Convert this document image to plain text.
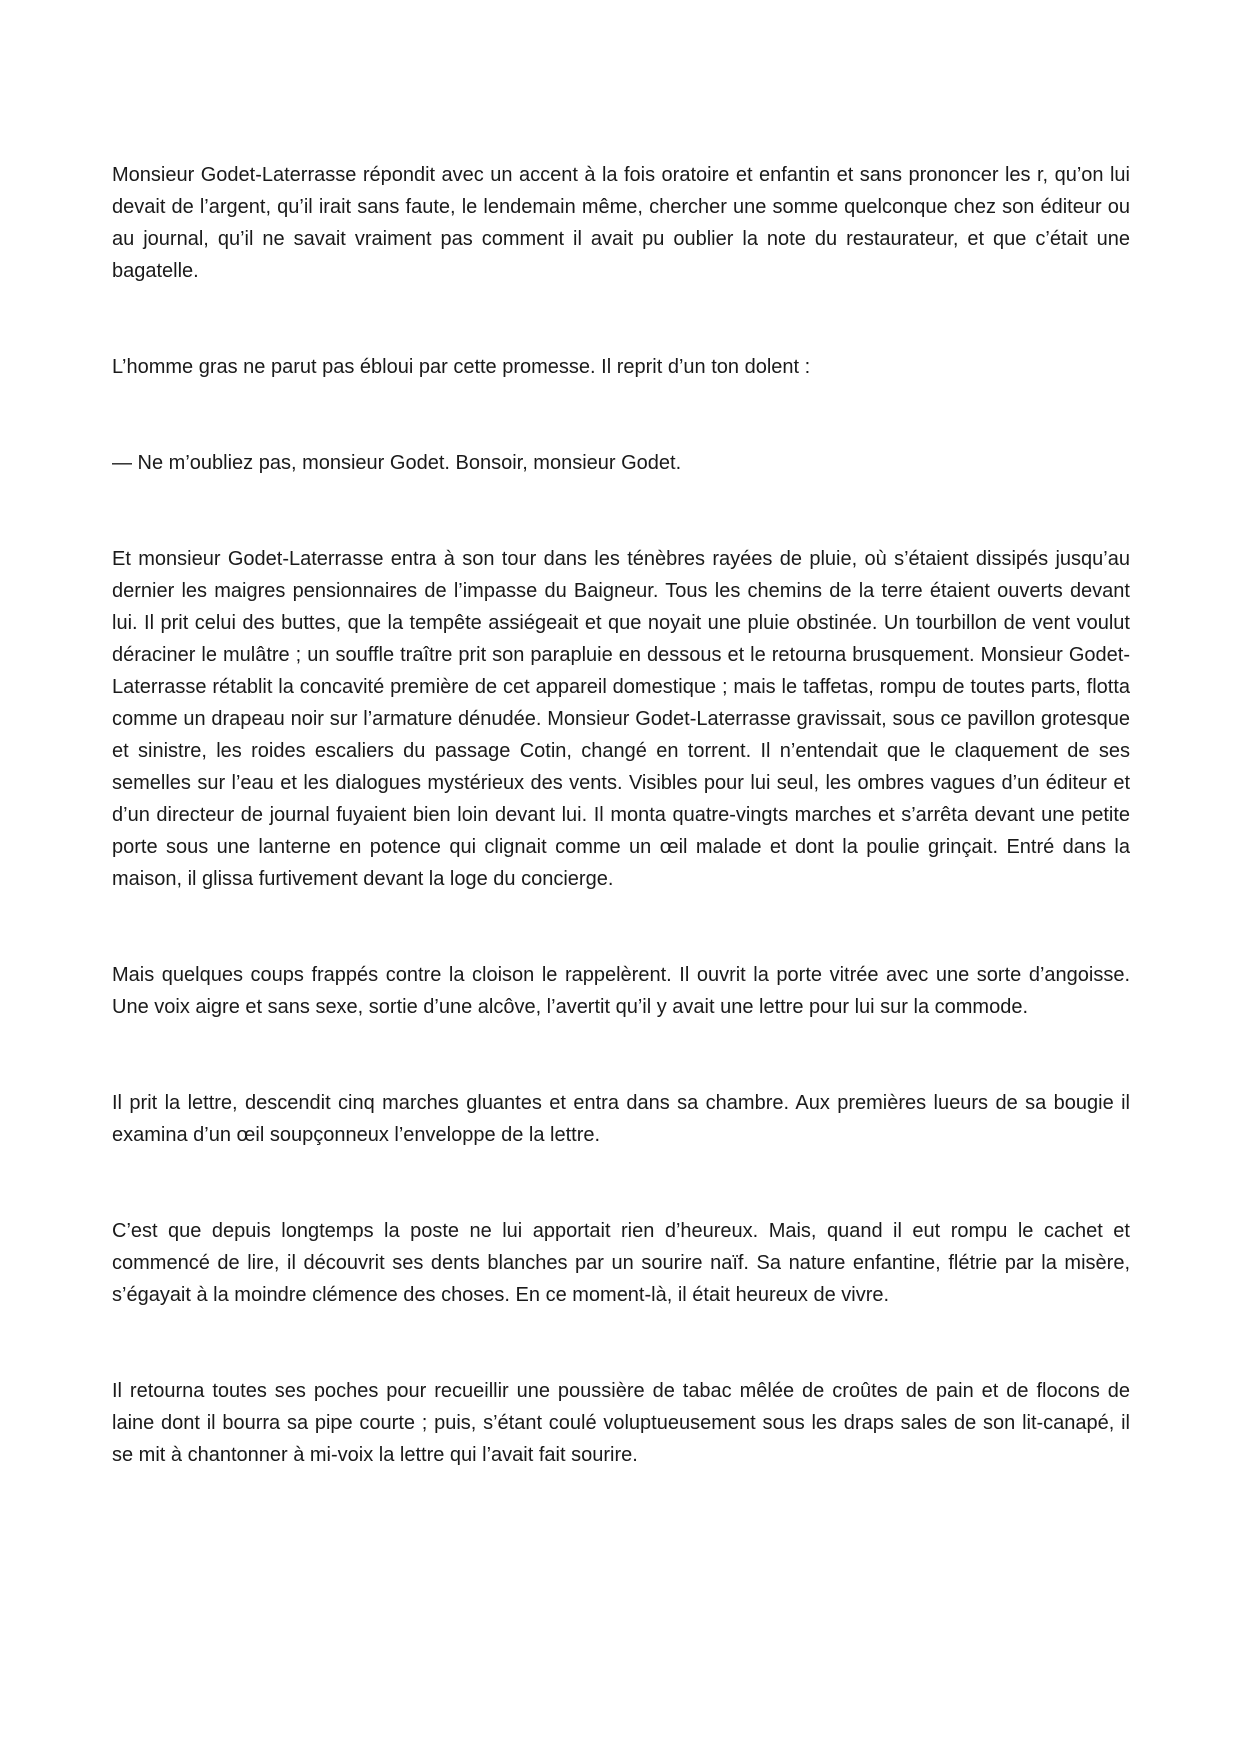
Monsieur Godet-Laterrasse répondit avec un accent à la fois oratoire et enfantin et sans prononcer les r, qu’on lui devait de l’argent, qu’il irait sans faute, le lendemain même, chercher une somme quelconque chez son éditeur ou au journal, qu’il ne savait vraiment pas comment il avait pu oublier la note du restaurateur, et que c’était une bagatelle.

L’homme gras ne parut pas ébloui par cette promesse. Il reprit d’un ton dolent :

— Ne m’oubliez pas, monsieur Godet. Bonsoir, monsieur Godet.

Et monsieur Godet-Laterrasse entra à son tour dans les ténèbres rayées de pluie, où s’étaient dissipés jusqu’au dernier les maigres pensionnaires de l’impasse du Baigneur. Tous les chemins de la terre étaient ouverts devant lui. Il prit celui des buttes, que la tempête assiégeait et que noyait une pluie obstinée. Un tourbillon de vent voulut déraciner le mulâtre ; un souffle traître prit son parapluie en dessous et le retourna brusquement. Monsieur Godet-Laterrasse rétablit la concavité première de cet appareil domestique ; mais le taffetas, rompu de toutes parts, flotta comme un drapeau noir sur l’armature dénudée. Monsieur Godet-Laterrasse gravissait, sous ce pavillon grotesque et sinistre, les roides escaliers du passage Cotin, changé en torrent. Il n’entendait que le claquement de ses semelles sur l’eau et les dialogues mystérieux des vents. Visibles pour lui seul, les ombres vagues d’un éditeur et d’un directeur de journal fuyaient bien loin devant lui. Il monta quatre-vingts marches et s’arrêta devant une petite porte sous une lanterne en potence qui clignait comme un œil malade et dont la poulie grinçait. Entré dans la maison, il glissa furtivement devant la loge du concierge.

Mais quelques coups frappés contre la cloison le rappelèrent. Il ouvrit la porte vitrée avec une sorte d’angoisse. Une voix aigre et sans sexe, sortie d’une alcôve, l’avertit qu’il y avait une lettre pour lui sur la commode.

Il prit la lettre, descendit cinq marches gluantes et entra dans sa chambre. Aux premières lueurs de sa bougie il examina d’un œil soupçonneux l’enveloppe de la lettre.

C’est que depuis longtemps la poste ne lui apportait rien d’heureux. Mais, quand il eut rompu le cachet et commencé de lire, il découvrit ses dents blanches par un sourire naïf. Sa nature enfantine, flétrie par la misère, s’égayait à la moindre clémence des choses. En ce moment-là, il était heureux de vivre.

Il retourna toutes ses poches pour recueillir une poussière de tabac mêlée de croûtes de pain et de flocons de laine dont il bourra sa pipe courte ; puis, s’étant coulé voluptueusement sous les draps sales de son lit-canapé, il se mit à chantonner à mi-voix la lettre qui l’avait fait sourire.
